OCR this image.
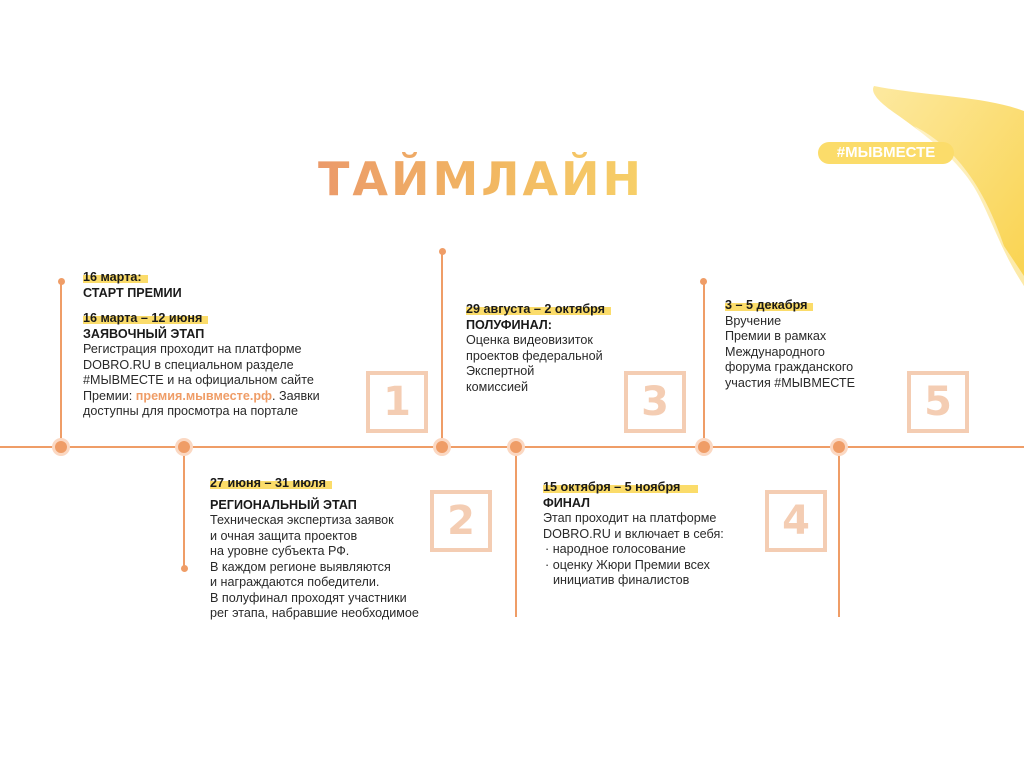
#МЫВМЕСТЕ
ТАЙМЛАЙН
1
2
3
4
5
16 марта:
СТАРТ ПРЕМИИ
16 марта – 12 июня
ЗАЯВОЧНЫЙ ЭТАП
Регистрация проходит на платформе
DOBRO.RU в специальном разделе
#МЫВМЕСТЕ и на официальном сайте
Премии: премия.мывместе.рф. Заявки
доступны для просмотра на портале
27 июня – 31 июля
РЕГИОНАЛЬНЫЙ ЭТАП
Техническая экспертиза заявок
и очная защита проектов
на уровне субъекта РФ.
В каждом регионе выявляются
и награждаются победители.
В полуфинал проходят участники
рег этапа, набравшие необходимое
29 августа – 2 октября
ПОЛУФИНАЛ:
Оценка видеовизиток
проектов федеральной
Экспертной
комиссией
15 октября – 5 ноября
ФИНАЛ
Этап проходит на платформе
DOBRO.RU и включает в себя:
· народное голосование
· оценку Жюри Премии всех инициатив финалистов
3 – 5 декабря
Вручение
Премии в рамках
Международного
форума гражданского
участия #МЫВМЕСТЕ
